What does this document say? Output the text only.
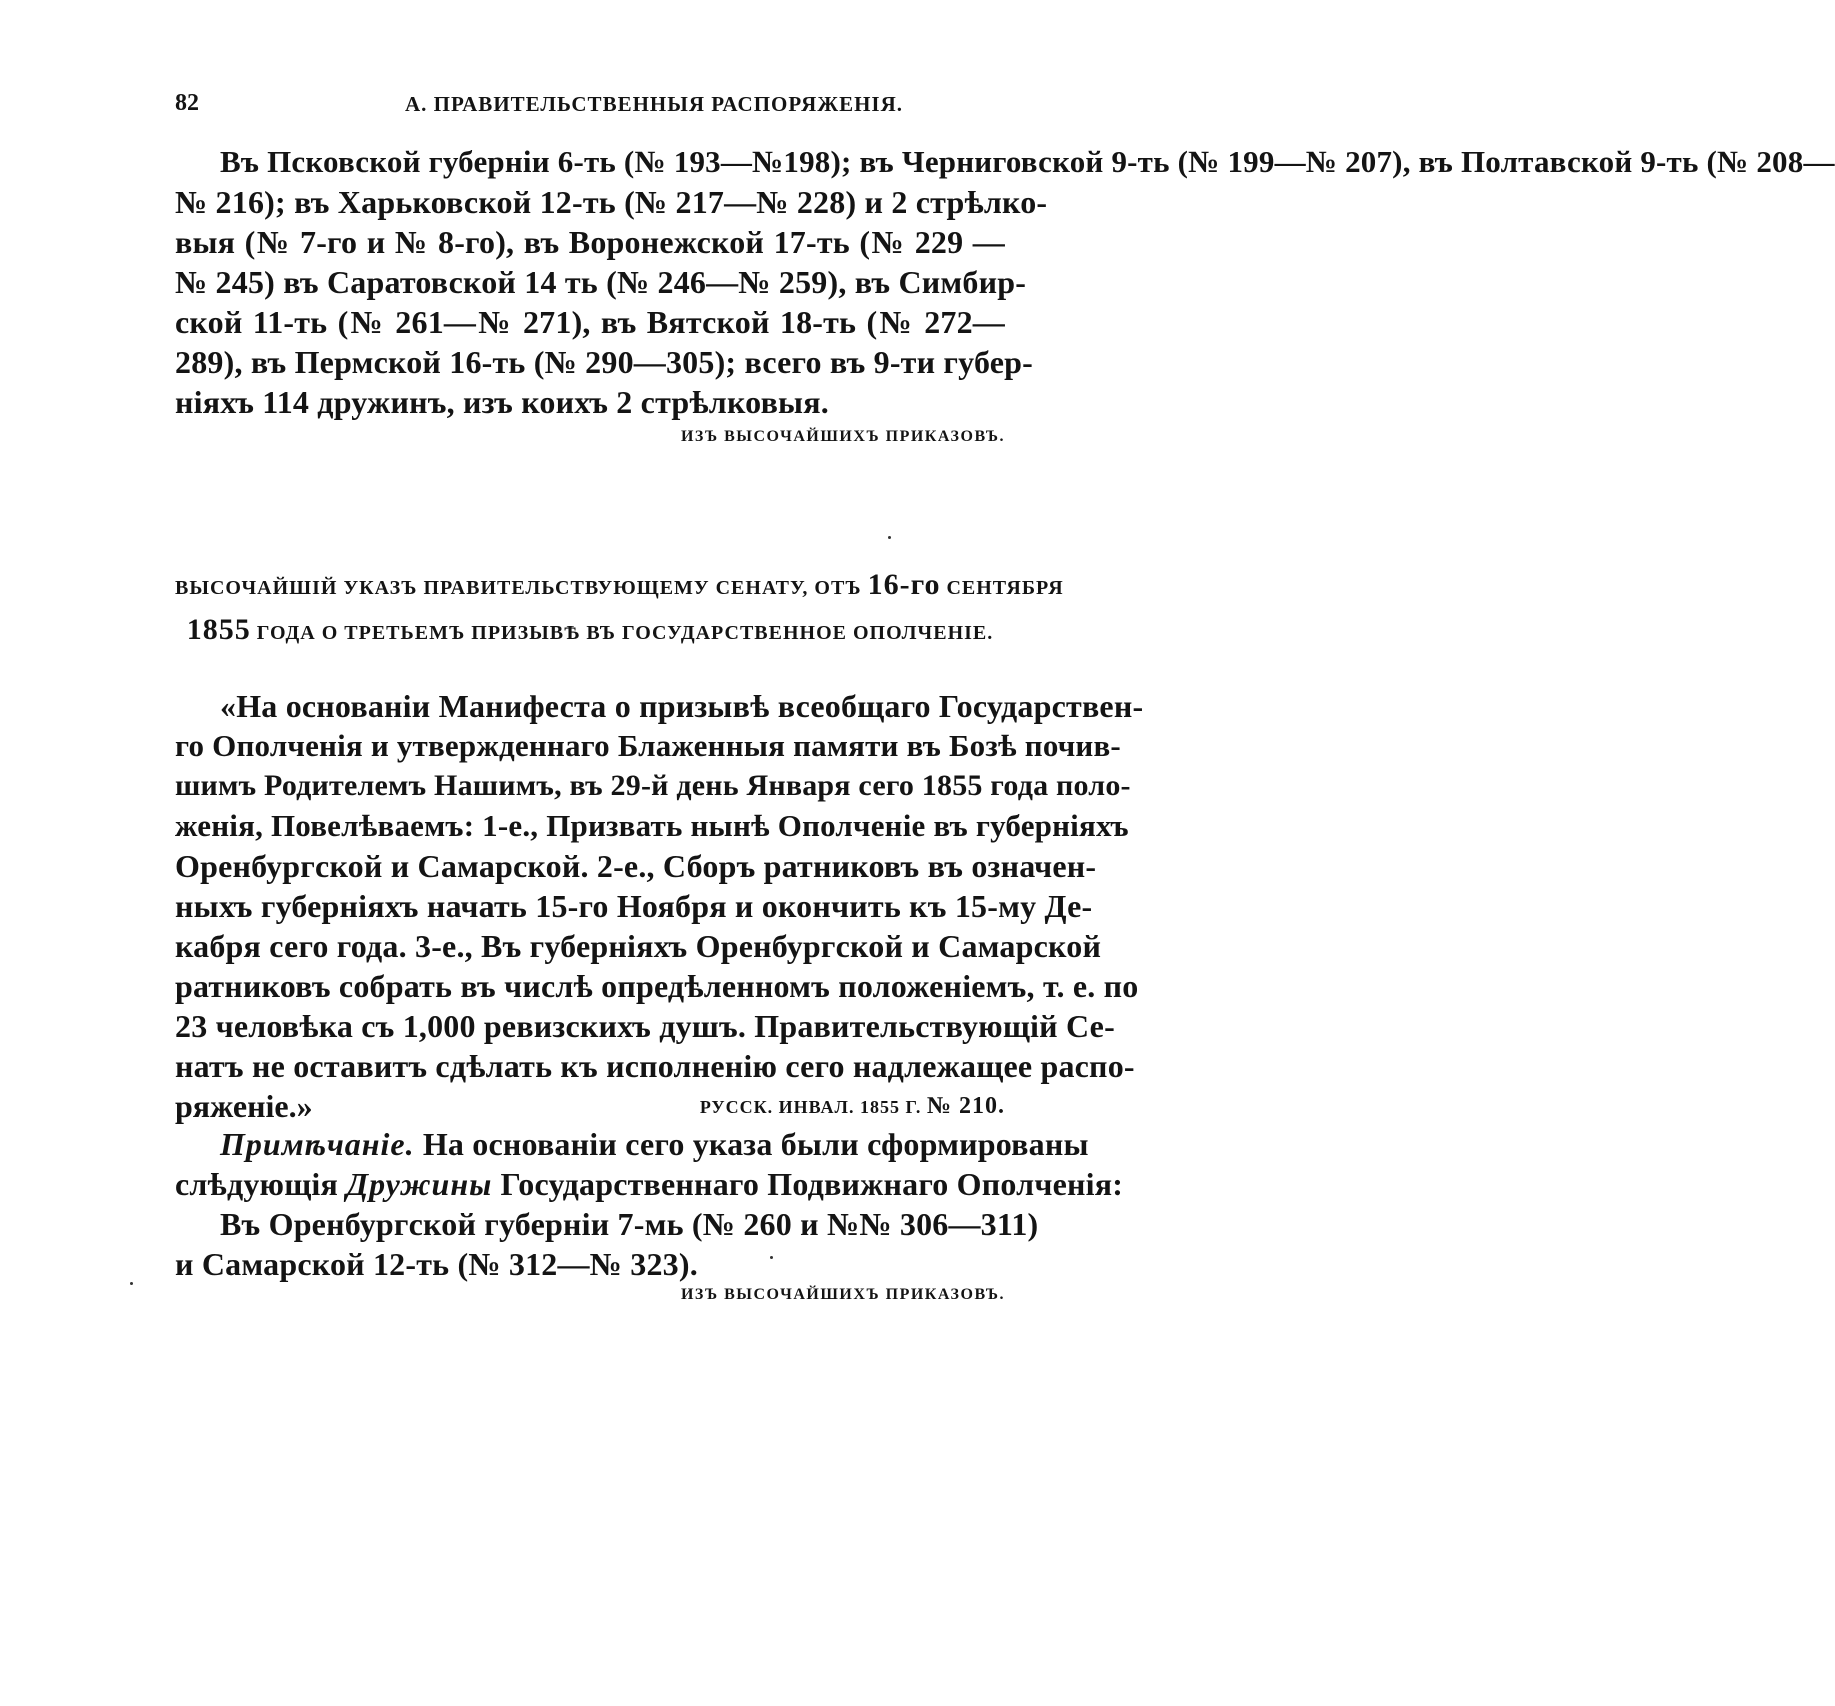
82	А. ПРАВИТЕЛЬСТВЕННЫЯ РАСПОРЯЖЕНІЯ.
Въ Псковской губерніи 6-ть (№ 193—№198); въ Черниговской 9-ть (№ 199—№ 207), въ Полтавской 9-ть (№ 208—
№ 216); въ Харьковской 12-ть (№ 217—№ 228) и 2 стрѣлко-
выя (№ 7-го и № 8-го), въ Воронежской 17-ть (№ 229 —
№ 245) въ Саратовской 14 ть (№ 246—№ 259), въ Симбир-
ской 11-ть (№ 261—№ 271), въ Вятской 18-ть (№ 272—
289), въ Пермской 16-ть (№ 290—305); всего въ 9-ти губер-
ніяхъ 114 дружинъ, изъ коихъ 2 стрѣлковыя.
ИЗЪ ВЫСОЧАЙШИХЪ ПРИКАЗОВЪ.
ВЫСОЧАЙШІЙ УКАЗЪ ПРАВИТЕЛЬСТВУЮЩЕМУ СЕНАТУ, ОТЪ 16-го СЕНТЯБРЯ
1855 ГОДА О ТРЕТЬЕМЪ ПРИЗЫВѢ ВЪ ГОСУДАРСТВЕННОЕ ОПОЛЧЕНІЕ.
«На основаніи Манифеста о призывѣ всеобщаго Государствен-
го Ополченія и утвержденнаго Блаженныя памяти въ Бозѣ почив-
шимъ Родителемъ Нашимъ, въ 29-й день Января сего 1855 года поло-
женія, Повелѣваемъ: 1-е., Призвать нынѣ Ополченіе въ губерніяхъ
Оренбургской и Самарской. 2-е., Сборъ ратниковъ въ означен-
ныхъ губерніяхъ начать 15-го Ноября и окончить къ 15-му Де-
кабря сего года. 3-е., Въ губерніяхъ Оренбургской и Самарской
ратниковъ собрать въ числѣ опредѣленномъ положеніемъ, т. е. по
23 человѣка съ 1,000 ревизскихъ душъ. Правительствующій Се-
натъ не оставитъ сдѣлать къ исполненію сего надлежащее распо-
ряженіе.»	РУССК. ИНВАЛ. 1855 Г. № 210.
Примѣчаніе. На основаніи сего указа были сформированы
слѣдующія Дружины Государственнаго Подвижнаго Ополченія:
Въ Оренбургской губерніи 7-мь (№ 260 и №№ 306—311)
и Самарской 12-ть (№ 312—№ 323).
ИЗЪ ВЫСОЧАЙШИХЪ ПРИКАЗОВЪ.
